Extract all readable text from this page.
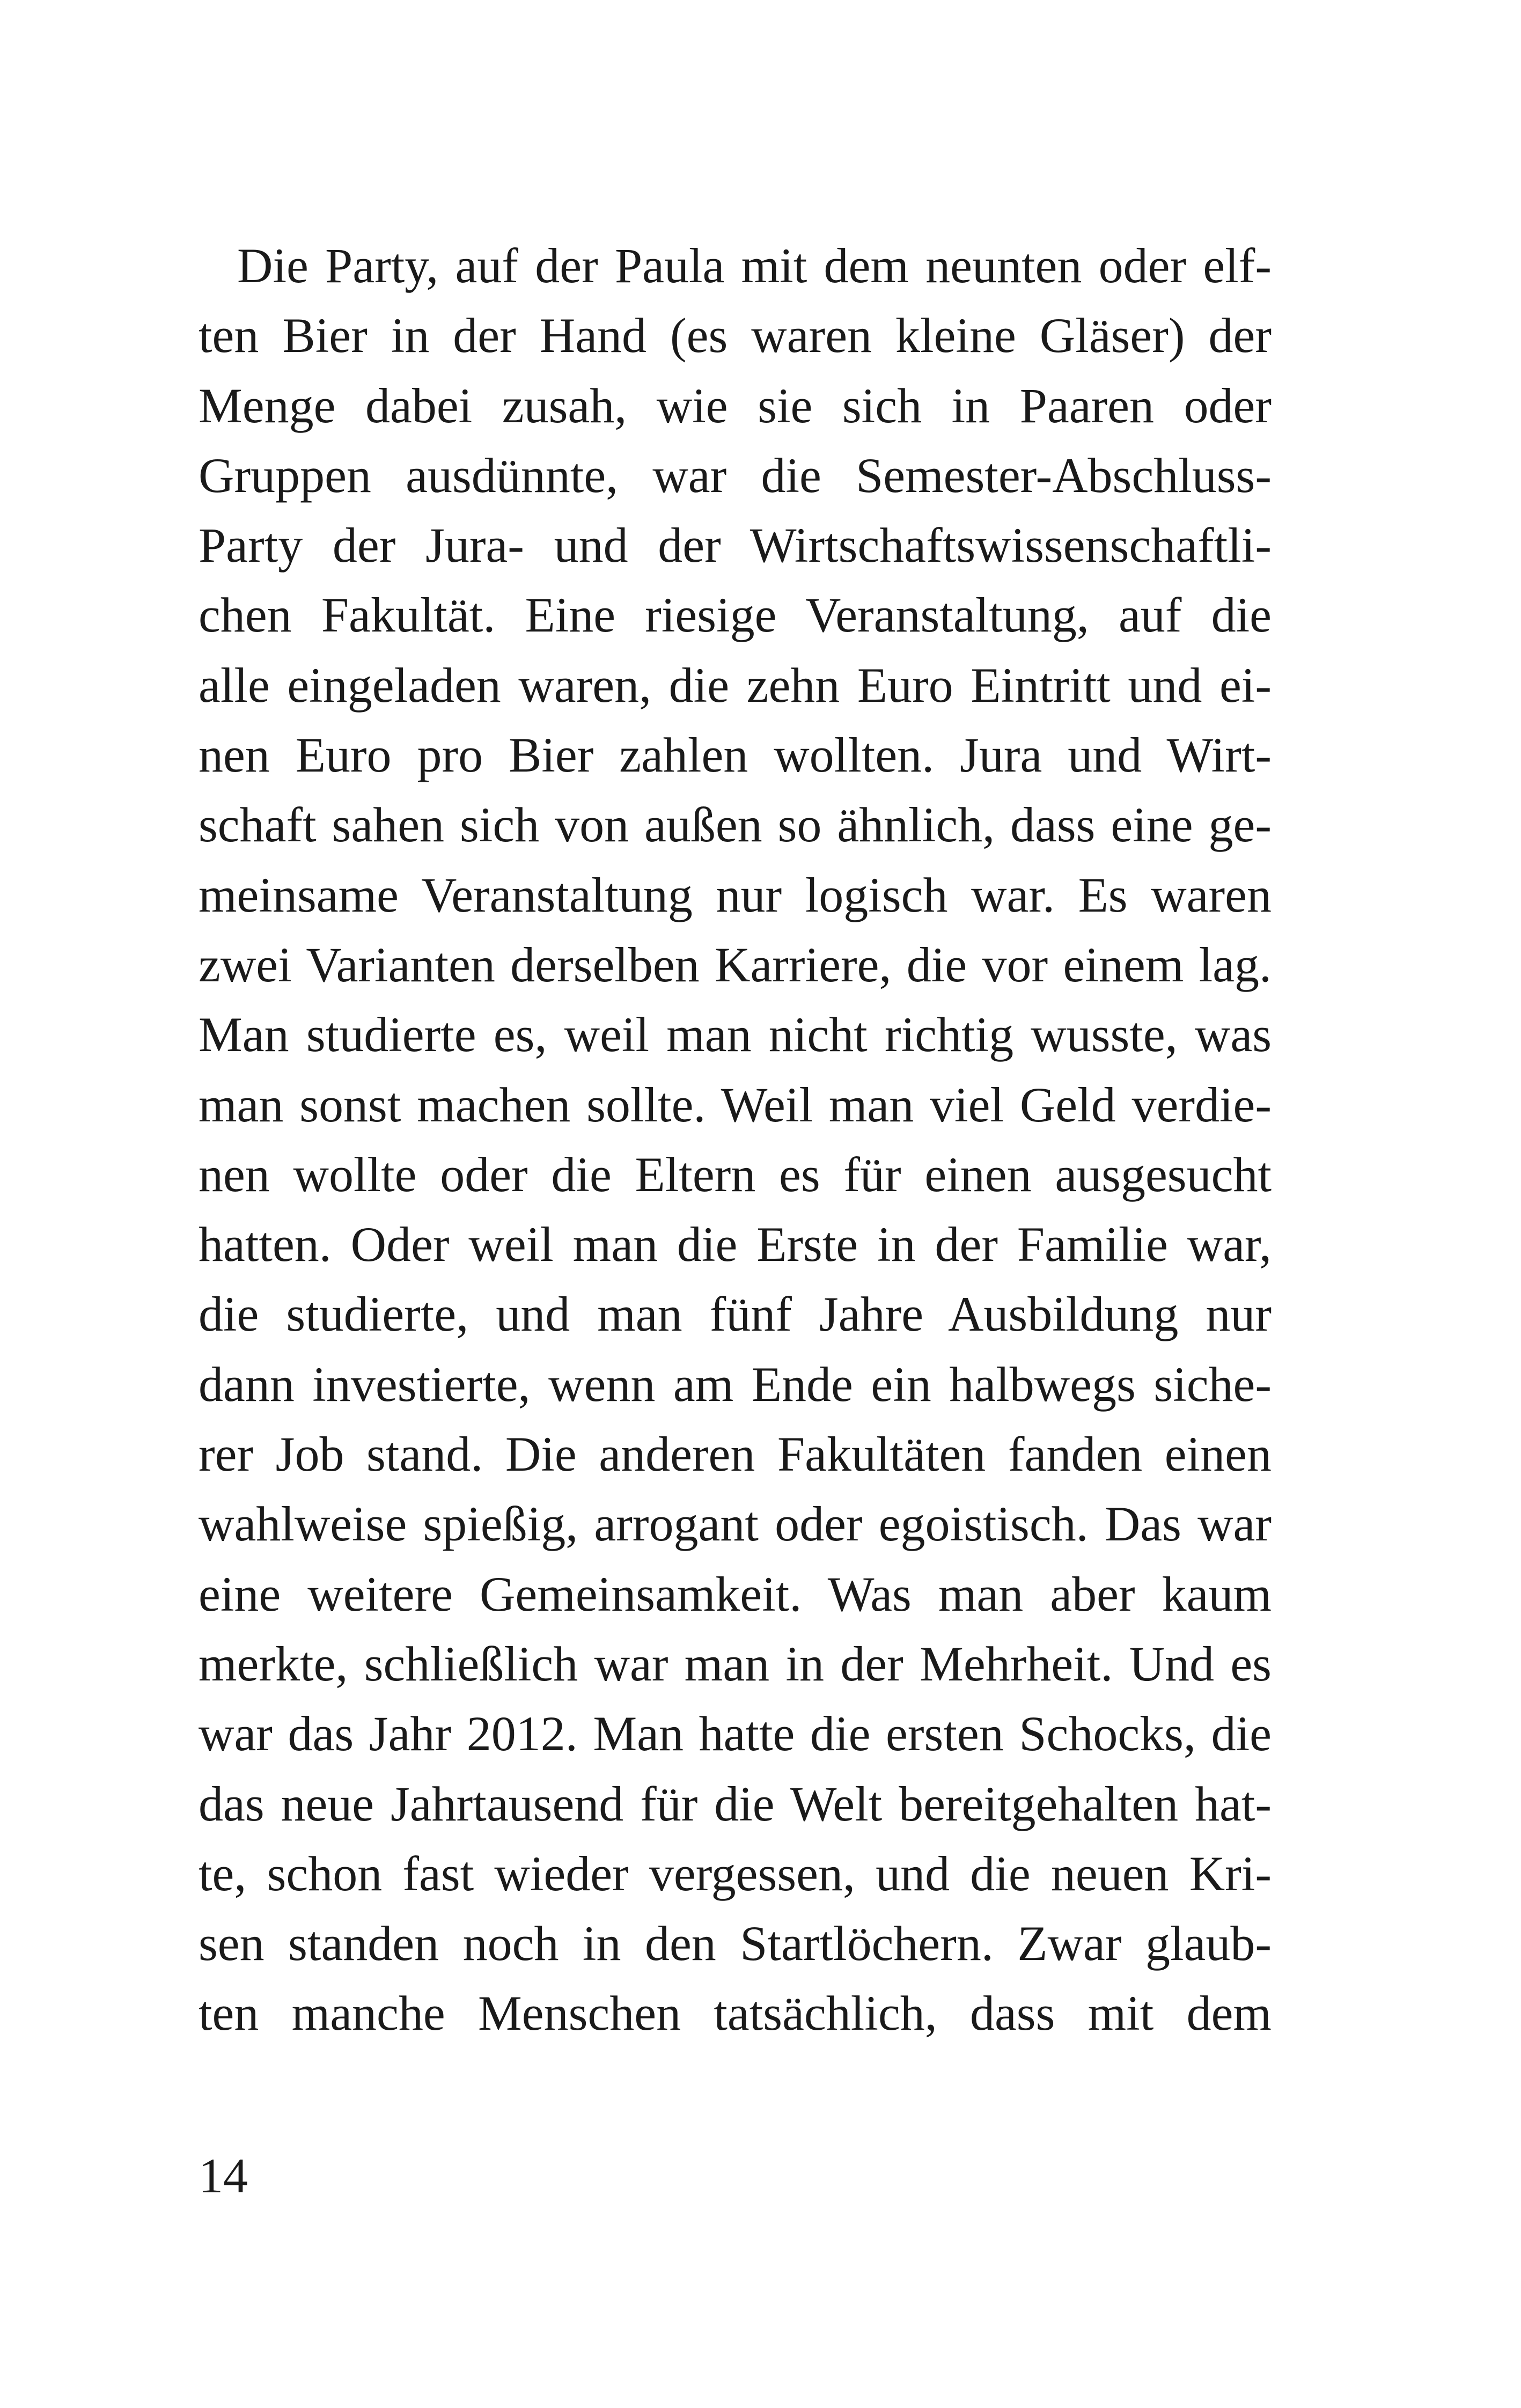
Die Party, auf der Paula mit dem neunten oder elf-
ten Bier in der Hand (es waren kleine Gläser) der
Menge dabei zusah, wie sie sich in Paaren oder
Gruppen ausdünnte, war die Semester-Abschluss-
Party der Jura- und der Wirtschaftswissenschaftli-
chen Fakultät. Eine riesige Veranstaltung, auf die
alle eingeladen waren, die zehn Euro Eintritt und ei-
nen Euro pro Bier zahlen wollten. Jura und Wirt-
schaft sahen sich von außen so ähnlich, dass eine ge-
meinsame Veranstaltung nur logisch war. Es waren
zwei Varianten derselben Karriere, die vor einem lag.
Man studierte es, weil man nicht richtig wusste, was
man sonst machen sollte. Weil man viel Geld verdie-
nen wollte oder die Eltern es für einen ausgesucht
hatten. Oder weil man die Erste in der Familie war,
die studierte, und man fünf Jahre Ausbildung nur
dann investierte, wenn am Ende ein halbwegs siche-
rer Job stand. Die anderen Fakultäten fanden einen
wahlweise spießig, arrogant oder egoistisch. Das war
eine weitere Gemeinsamkeit. Was man aber kaum
merkte, schließlich war man in der Mehrheit. Und es
war das Jahr 2012. Man hatte die ersten Schocks, die
das neue Jahrtausend für die Welt bereitgehalten hat-
te, schon fast wieder vergessen, und die neuen Kri-
sen standen noch in den Startlöchern. Zwar glaub-
ten manche Menschen tatsächlich, dass mit dem
14
